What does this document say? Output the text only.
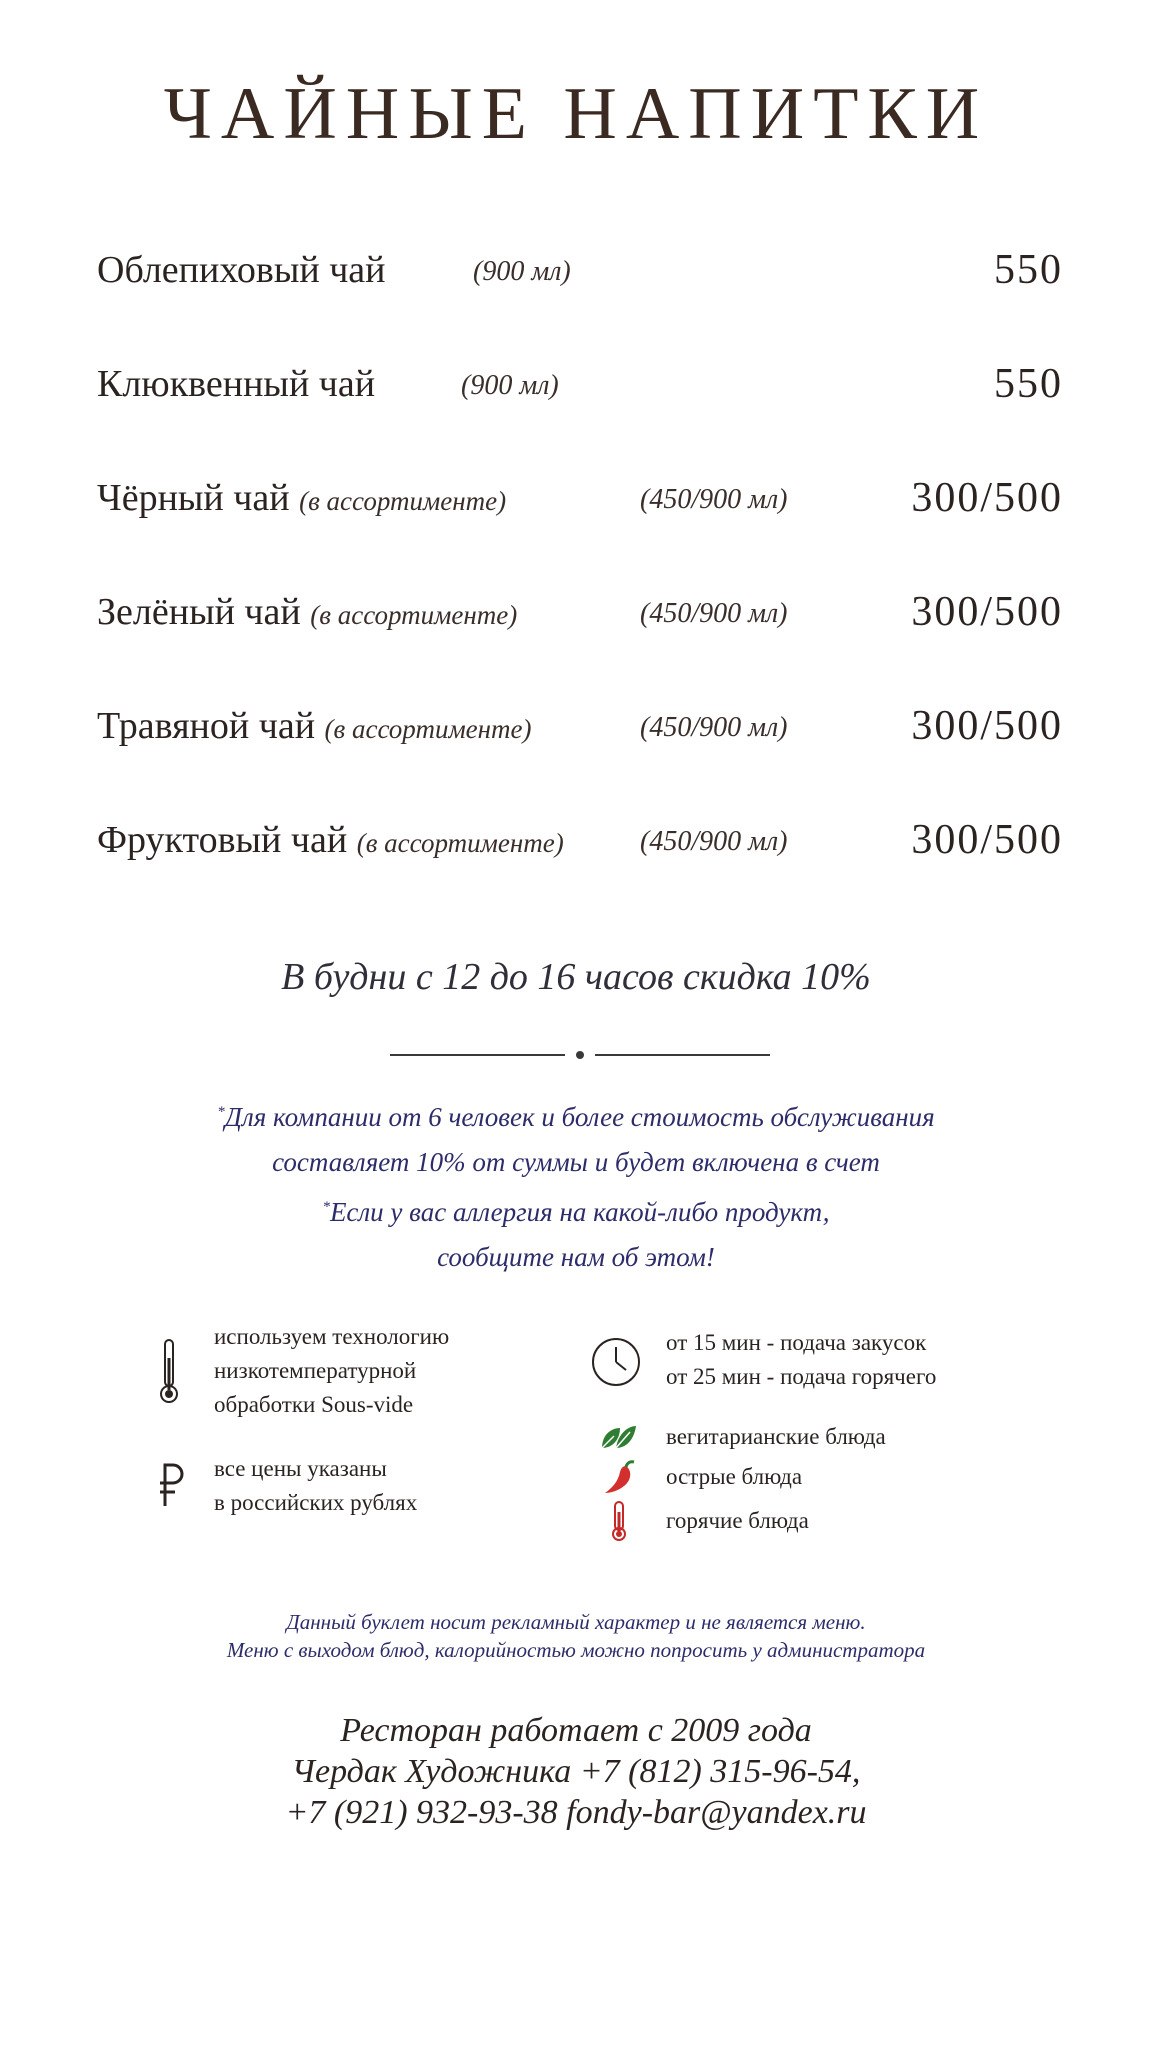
ЧАЙНЫЕ НАПИТКИ
Облепиховый чай	(900 мл)	550
Клюквенный чай	(900 мл)	550
Чёрный чай (в ассортименте)	(450/900 мл)	300/500
Зелёный чай (в ассортименте)	(450/900 мл)	300/500
Травяной чай (в ассортименте)	(450/900 мл)	300/500
Фруктовый чай (в ассортименте)	(450/900 мл)	300/500
В будни с 12 до 16 часов скидка 10%

*Для компании от 6 человек и более стоимость обслуживания

составляет 10% от суммы и будет включена в счет

*Если у вас аллергия на какой-либо продукт,

сообщите нам об этом!

используем технологию
низкотемпературной
обработки Sous-vide
все цены указаны
в российских рублях
от 15 мин - подача закусок
от 25 мин - подача горячего
вегитарианские блюда
острые блюда
горячие блюда

Данный буклет носит рекламный характер и не является меню.

Меню с выходом блюд, калорийностью можно попросить у администратора

Ресторан работает с 2009 года

Чердак Художника +7 (812) 315-96-54,

+7 (921) 932-93-38 fondy-bar@yandex.ru
